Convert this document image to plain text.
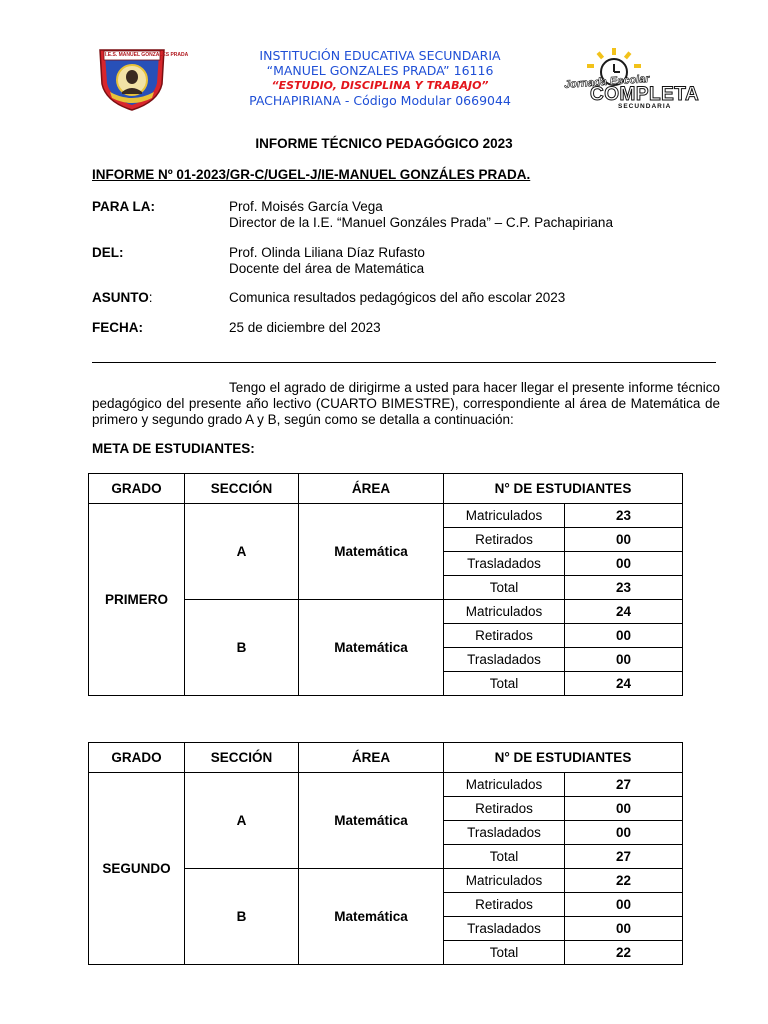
I.E.S. MANUEL GONZALES PRADA	INSTITUCIÓN EDUCATIVA SECUNDARIA
“MANUEL GONZALES PRADA” 16116
“ESTUDIO, DISCIPLINA Y TRABAJO”
PACHAPIRIANA - Código Modular 0669044
Jornada Escolar
COMPLETA
SECUNDARIA
INFORME TÉCNICO PEDAGÓGICO 2023
INFORME Nº 01-2023/GR-C/UGEL-J/IE-MANUEL GONZÁLES PRADA.
PARA LA:	Prof. Moisés García Vega
Director de la I.E. “Manuel Gonzáles Prada” – C.P. Pachapiriana
DEL:	Prof. Olinda Liliana Díaz Rufasto
Docente del área de Matemática
ASUNTO:	Comunica resultados pedagógicos del año escolar 2023
FECHA:	25 de diciembre del 2023
Tengo el agrado de dirigirme a usted para hacer llegar el presente informe técnico pedagógico del presente año lectivo (CUARTO BIMESTRE), correspondiente al área de Matemática de primero y segundo grado A y B, según como se detalla a continuación:
META DE ESTUDIANTES:
GRADO	SECCIÓN	ÁREA	N° DE ESTUDIANTES	
PRIMERO	A	Matemática	Matriculados	23
			Retirados	00
			Trasladados	00
			Total	23
	B	Matemática	Matriculados	24
			Retirados	00
			Trasladados	00
			Total	24
GRADO	SECCIÓN	ÁREA	N° DE ESTUDIANTES	
SEGUNDO	A	Matemática	Matriculados	27
			Retirados	00
			Trasladados	00
			Total	27
	B	Matemática	Matriculados	22
			Retirados	00
			Trasladados	00
			Total	22
